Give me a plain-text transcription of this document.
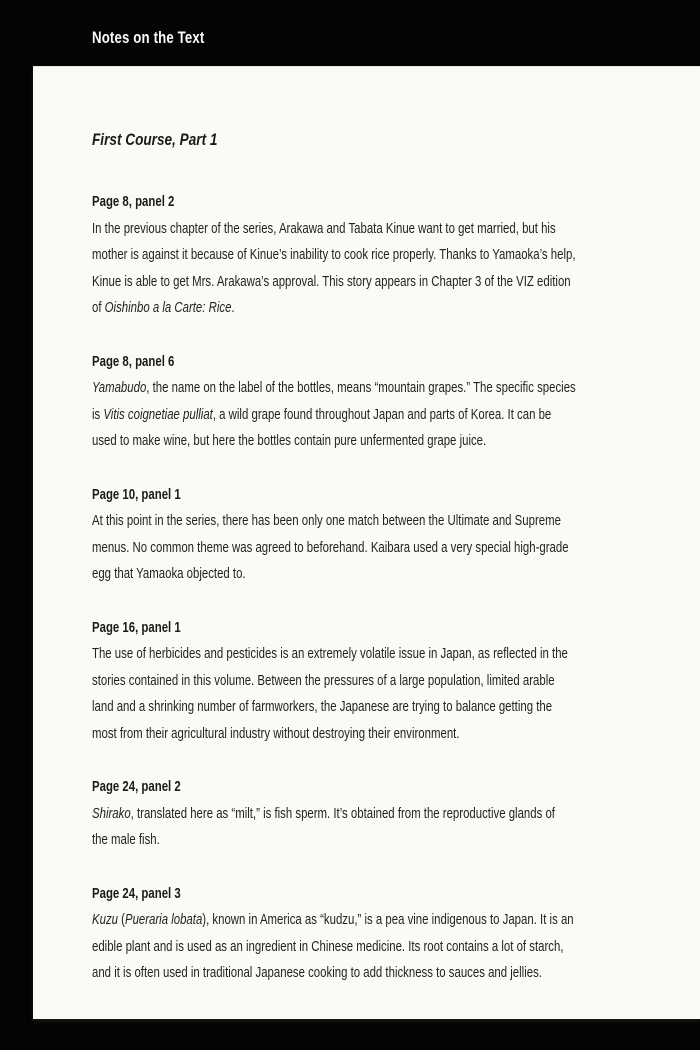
Notes on the Text
First Course, Part 1
Page 8, panel 2
In the previous chapter of the series, Arakawa and Tabata Kinue want to get married, but his
mother is against it because of Kinue’s inability to cook rice properly. Thanks to Yamaoka’s help,
Kinue is able to get Mrs. Arakawa’s approval. This story appears in Chapter 3 of the VIZ edition
of Oishinbo a la Carte: Rice.
Page 8, panel 6
Yamabudo, the name on the label of the bottles, means “mountain grapes.” The specific species
is Vitis coignetiae pulliat, a wild grape found throughout Japan and parts of Korea. It can be
used to make wine, but here the bottles contain pure unfermented grape juice.
Page 10, panel 1
At this point in the series, there has been only one match between the Ultimate and Supreme
menus. No common theme was agreed to beforehand. Kaibara used a very special high-grade
egg that Yamaoka objected to.
Page 16, panel 1
The use of herbicides and pesticides is an extremely volatile issue in Japan, as reflected in the
stories contained in this volume. Between the pressures of a large population, limited arable
land and a shrinking number of farmworkers, the Japanese are trying to balance getting the
most from their agricultural industry without destroying their environment.
Page 24, panel 2
Shirako, translated here as “milt,” is fish sperm. It’s obtained from the reproductive glands of
the male fish.
Page 24, panel 3
Kuzu (Pueraria lobata), known in America as “kudzu,” is a pea vine indigenous to Japan. It is an
edible plant and is used as an ingredient in Chinese medicine. Its root contains a lot of starch,
and it is often used in traditional Japanese cooking to add thickness to sauces and jellies.
